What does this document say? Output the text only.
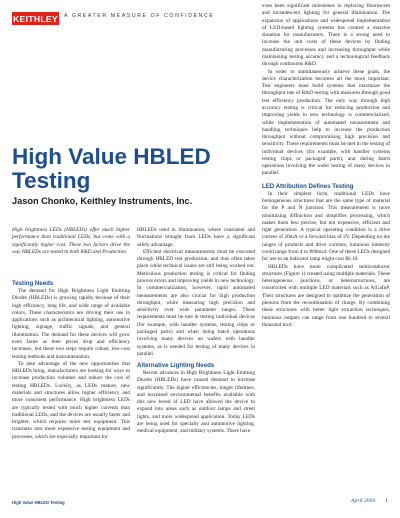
KEITHLEY A GREATER MEASURE OF CONFIDENCE

even been significant milestones in replacing fluorescent and incandescent lighting for general illumination. The expansion of applications and widespread implementation of LED-based lighting systems has created a massive situation for manufacturers. There is a strong need to increase the unit costs of these devices by finding manufacturing processes and increasing throughput while maintaining testing accuracy and a technological feedback through continuous R&D.

In order to simultaneously achieve these goals, the device characterization becomes all the more important. Test engineers must build systems that maximize the throughput rate of R&D testing with measures through good test efficiency production. The only way through high accuracy testing is critical for reducing production and improving yields in new technology is commercialized, while implementation of automated measurement and handling techniques help to increase the production throughput without compromising high precision and sensitivity. These requirements must be met in the testing of individual devices (for example, with handler systems testing chips or packaged parts), and during batch operations involving the wafer testing of many devices in parallel.

LED Attribution Defines Testing

In their simplest form, traditional LEDs have homogeneous structures that are the same type of material for the P and N junction. This measurement is more minimizing diffraction and simplifies processing, which makes them less precise, but not expensive, efficient and light generation. A typical operating condition is a drive current of 20mA or a forward bias of 2V. Depending on the ranges of products and drive currents, luminous intensity could range from 4 to 800mcd. One of these LEDs designed for use to an indicator lamp might cost $0.10.

HBLEDs have more complicated semiconductor structures (Figure 1) created using multiple materials. These heterogeneous junctions, or heterostructures, are constructed with multiple LED materials such as AlGaInP. Their structures are designed to optimize the generation of photons from the recombination of charge. By combining these structures with better light extraction techniques, luminous outputs can range from one hundred to several thousand mcd.

High Value HBLED Testing
Jason Chonko, Keithley Instruments, Inc.
High brightness LEDs (HBLEDs) offer much higher performance than traditional LEDs, but come with a significantly higher cost. These two factors drive the way HBLEDs are tested in both R&D and Production.

Testing Needs

The demand for High Brightness Light Emitting Diodes (HBLEDs) is growing rapidly because of their high efficiency, long life, and wide range of available colors. These characteristics are driving their use in applications such as architectural lighting, automotive lighting, signage, traffic signals, and general illumination. The demand for these devices will grow even faster as their prices drop and efficiency increases, but these two steps require robust, low-cost testing methods and instrumentation.

To take advantage of the new opportunities that HBLEDs bring, manufacturers are looking for ways to increase production volumes and reduce the cost of testing HBLEDs. Luckily, as LEDs mature, new materials and structures allow higher efficiency and more consistent performance. High brightness LEDs are typically tested with much higher currents than traditional LEDs, and the devices are usually faster and brighter, which requires more test equipment. This translates into more expensive testing equipment and processes, which are especially important for

HBLEDs used in illumination, where consistent and fluctuations brought from LEDs have a significant safety advantage.

Efficient electrical measurements must be executed through HBLED test production, and thus often takes place while technical issues are still being worked out. Meticulous production testing is critical for finding process errors and improving yields in new technology. In commercialization, however, rapid automated measurements are also crucial for high production throughput, while measuring high precision and sensitivity over wide parameter ranges. These requirements must be met in testing individual devices (for example, with handler systems, testing chips or packaged parts) and when doing batch operations involving many devices on wafers with handler systems, as is needed for testing of many devices in parallel.

Alternative Lighting Needs

Recent advances in High Brightness Light Emitting Diodes (HBLEDs) have caused demand to increase significantly. The higher efficiencies, longer lifetimes, and increased environmental benefits available with this new breed of LED have allowed the device to expand into areas such as outdoor lamps and street lights, and more widespread application. Today LEDs are being used for specialty and automotive lighting, medical equipment, and military systems. There have

High Value HBLED Testing	April 2004 1
